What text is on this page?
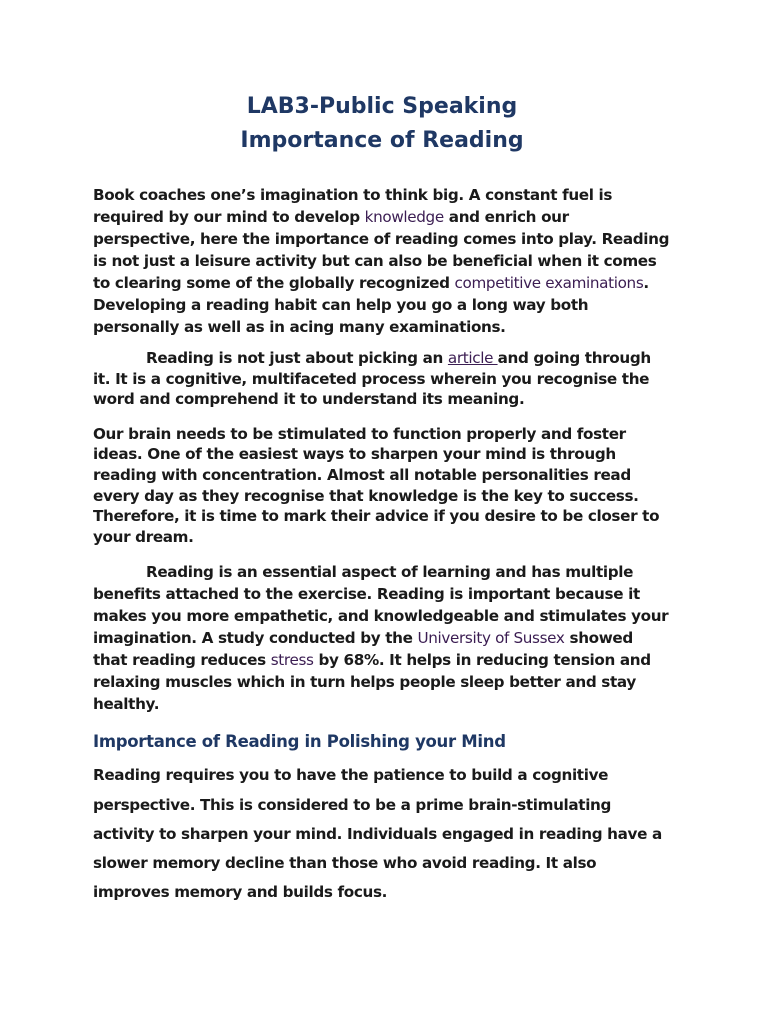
LAB3-Public Speaking
Importance of Reading

Book coaches one’s imagination to think big. A constant fuel is required by our mind to develop knowledge and enrich our perspective, here the importance of reading comes into play. Reading is not just a leisure activity but can also be beneficial when it comes to clearing some of the globally recognized competitive examinations. Developing a reading habit can help you go a long way both personally as well as in acing many examinations.

Reading is not just about picking an article and going through it. It is a cognitive, multifaceted process wherein you recognise the word and comprehend it to understand its meaning.

Our brain needs to be stimulated to function properly and foster ideas. One of the easiest ways to sharpen your mind is through reading with concentration. Almost all notable personalities read every day as they recognise that knowledge is the key to success. Therefore, it is time to mark their advice if you desire to be closer to your dream.

Reading is an essential aspect of learning and has multiple benefits attached to the exercise. Reading is important because it makes you more empathetic, and knowledgeable and stimulates your imagination. A study conducted by the University of Sussex showed that reading reduces stress by 68%. It helps in reducing tension and relaxing muscles which in turn helps people sleep better and stay healthy.

Importance of Reading in Polishing your Mind

Reading requires you to have the patience to build a cognitive perspective. This is considered to be a prime brain-stimulating activity to sharpen your mind. Individuals engaged in reading have a slower memory decline than those who avoid reading. It also improves memory and builds focus.
